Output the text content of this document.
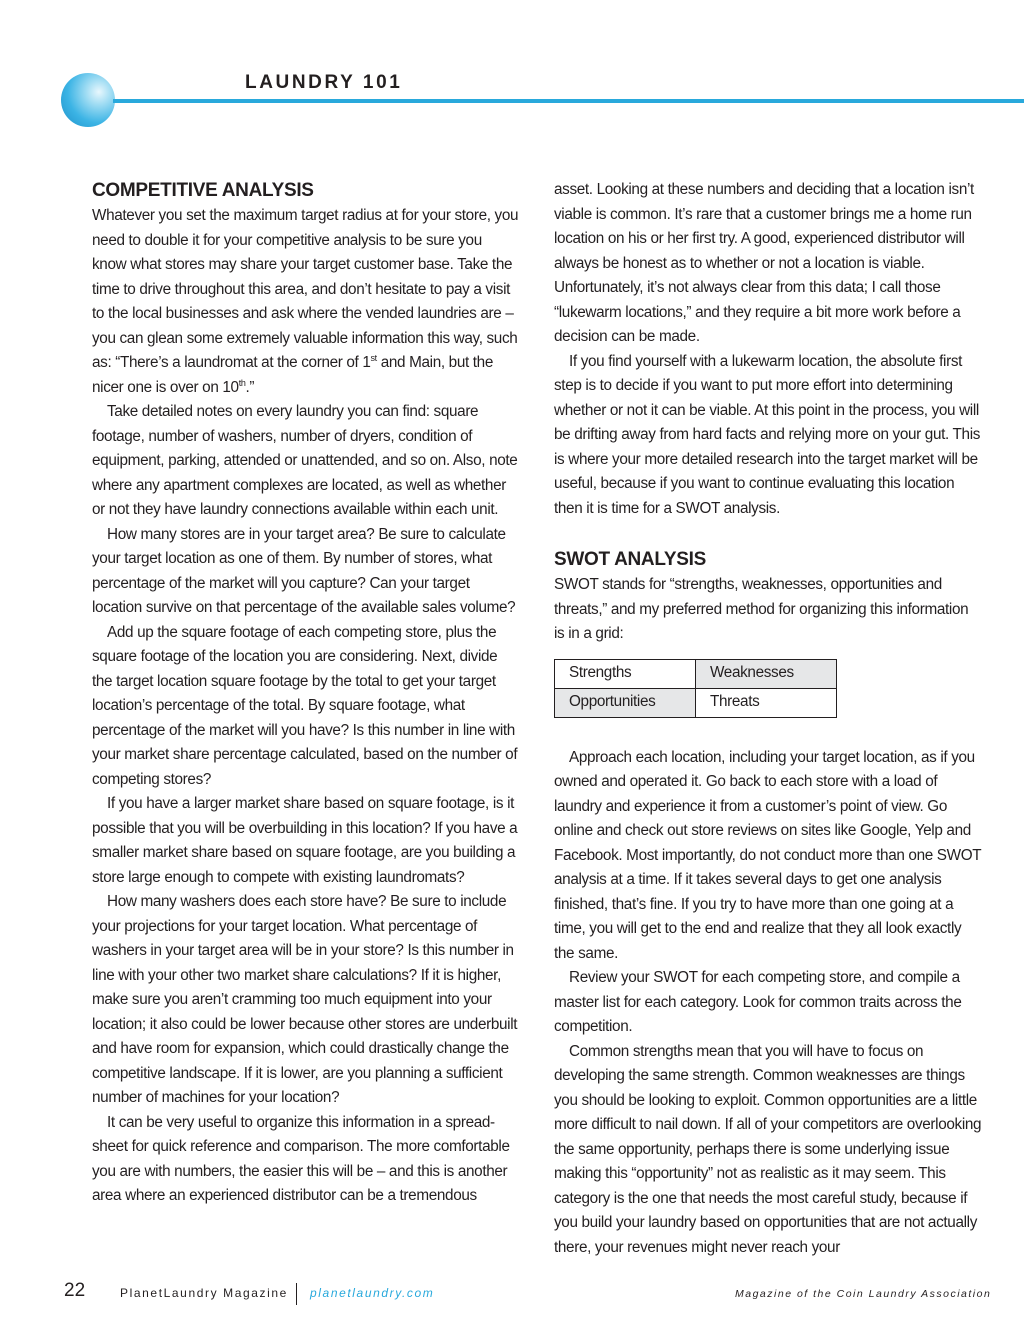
LAUNDRY 101
COMPETITIVE ANALYSIS

Whatever you set the maximum target radius at for your store, you need to double it for your competitive analysis to be sure you know what stores may share your target customer base. Take the time to drive throughout this area, and don’t hesitate to pay a visit to the local businesses and ask where the vended laundries are – you can glean some extremely valuable information this way, such as: “There’s a laundromat at the corner of 1st and Main, but the nicer one is over on 10th.”

Take detailed notes on every laundry you can find: square footage, number of washers, number of dryers, condition of equipment, parking, attended or unattended, and so on. Also, note where any apartment complexes are located, as well as whether or not they have laundry connections available within each unit.

How many stores are in your target area? Be sure to calculate your target location as one of them. By number of stores, what percentage of the market will you capture? Can your target location survive on that percentage of the available sales volume?

Add up the square footage of each competing store, plus the square footage of the location you are considering. Next, divide the target location square footage by the total to get your target location’s percentage of the total. By square footage, what percentage of the market will you have? Is this number in line with your market share percentage calculated, based on the number of competing stores?

If you have a larger market share based on square footage, is it possible that you will be overbuilding in this location? If you have a smaller market share based on square footage, are you building a store large enough to compete with existing laundromats?

How many washers does each store have? Be sure to include your projections for your target location. What percentage of washers in your target area will be in your store? Is this number in line with your other two market share calculations? If it is higher, make sure you aren’t cramming too much equipment into your location; it also could be lower because other stores are underbuilt and have room for expansion, which could drastically change the competitive landscape. If it is lower, are you planning a sufficient number of machines for your location?

It can be very useful to organize this information in a spread-sheet for quick reference and comparison. The more comfortable you are with numbers, the easier this will be – and this is another area where an experienced distributor can be a tremendous

asset. Looking at these numbers and deciding that a location isn’t viable is common. It’s rare that a customer brings me a home run location on his or her first try. A good, experienced distributor will always be honest as to whether or not a location is viable. Unfortunately, it’s not always clear from this data; I call those “lukewarm locations,” and they require a bit more work before a decision can be made.

If you find yourself with a lukewarm location, the absolute first step is to decide if you want to put more effort into determining whether or not it can be viable. At this point in the process, you will be drifting away from hard facts and relying more on your gut. This is where your more detailed research into the target market will be useful, because if you want to continue evaluating this location then it is time for a SWOT analysis.

SWOT ANALYSIS

SWOT stands for “strengths, weaknesses, opportunities and threats,” and my preferred method for organizing this information is in a grid:

Strengths	Weaknesses
Opportunities	Threats

Approach each location, including your target location, as if you owned and operated it. Go back to each store with a load of laundry and experience it from a customer’s point of view. Go online and check out store reviews on sites like Google, Yelp and Facebook. Most importantly, do not conduct more than one SWOT analysis at a time. If it takes several days to get one analysis finished, that’s fine. If you try to have more than one going at a time, you will get to the end and realize that they all look exactly the same.

Review your SWOT for each competing store, and compile a master list for each category. Look for common traits across the competition.

Common strengths mean that you will have to focus on developing the same strength. Common weaknesses are things you should be looking to exploit. Common opportunities are a little more difficult to nail down. If all of your competitors are overlooking the same opportunity, perhaps there is some underlying issue making this “opportunity” not as realistic as it may seem. This category is the one that needs the most careful study, because if you build your laundry based on opportunities that are not actually there, your revenues might never reach your

22	PlanetLaundry Magazine planetlaundry.com	Magazine of the Coin Laundry Association
